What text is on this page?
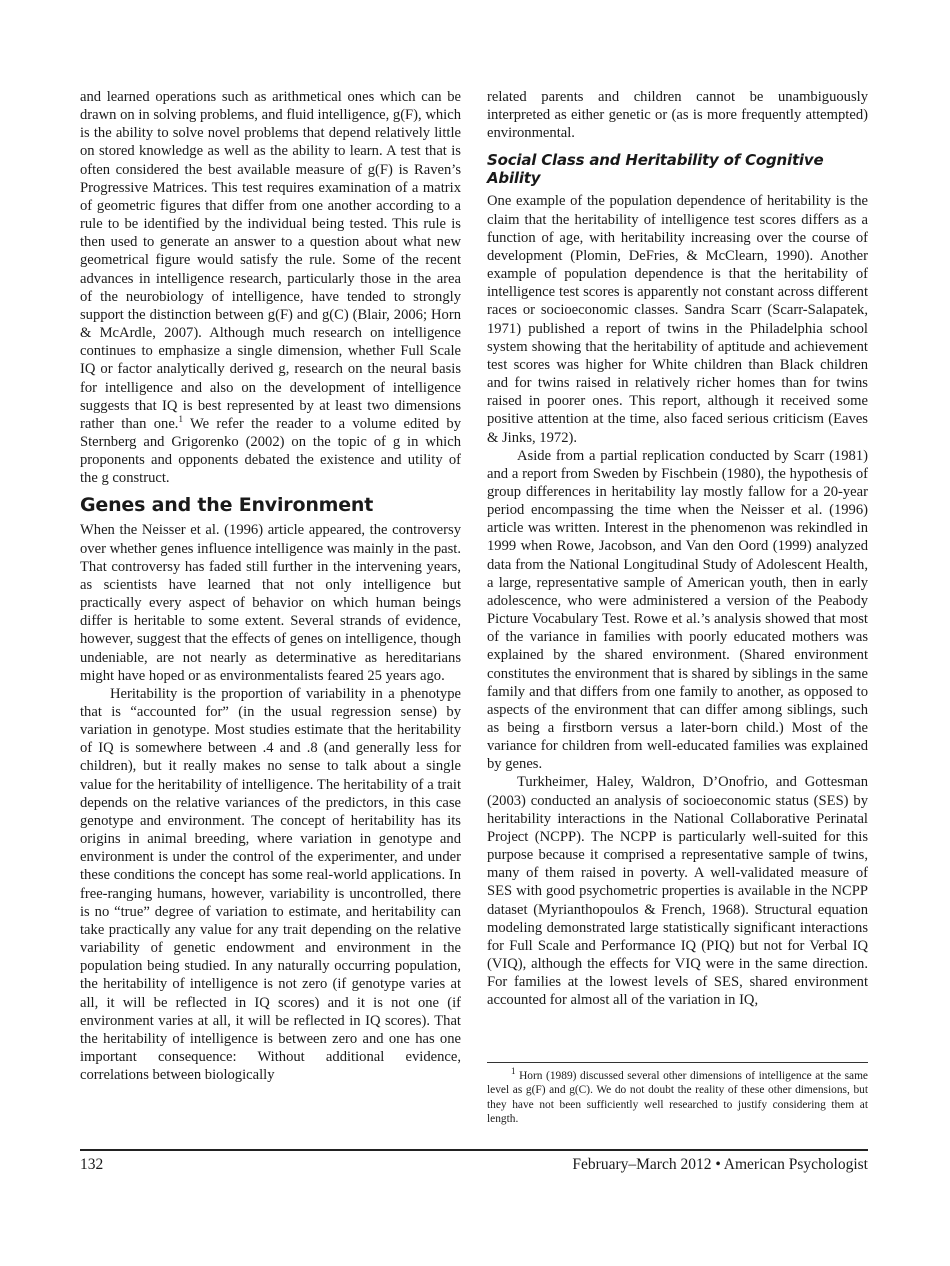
and learned operations such as arithmetical ones which can be drawn on in solving problems, and fluid intelligence, g(F), which is the ability to solve novel problems that depend relatively little on stored knowledge as well as the ability to learn. A test that is often considered the best available measure of g(F) is Raven’s Progressive Matrices. This test requires examination of a matrix of geometric figures that differ from one another according to a rule to be identified by the individual being tested. This rule is then used to generate an answer to a question about what new geometrical figure would satisfy the rule. Some of the recent advances in intelligence research, particularly those in the area of the neurobiology of intelligence, have tended to strongly support the distinction between g(F) and g(C) (Blair, 2006; Horn & McArdle, 2007). Although much research on intelligence continues to emphasize a single dimension, whether Full Scale IQ or factor analytically derived g, research on the neural basis for intelligence and also on the development of intelligence suggests that IQ is best represented by at least two dimensions rather than one.$^1$ We refer the reader to a volume edited by Sternberg and Grigorenko (2002) on the topic of g in which proponents and opponents debated the existence and utility of the g construct.

Genes and the Environment

When the Neisser et al. (1996) article appeared, the controversy over whether genes influence intelligence was mainly in the past. That controversy has faded still further in the intervening years, as scientists have learned that not only intelligence but practically every aspect of behavior on which human beings differ is heritable to some extent. Several strands of evidence, however, suggest that the effects of genes on intelligence, though undeniable, are not nearly as determinative as hereditarians might have hoped or as environmentalists feared 25 years ago.

Heritability is the proportion of variability in a phenotype that is “accounted for” (in the usual regression sense) by variation in genotype. Most studies estimate that the heritability of IQ is somewhere between .4 and .8 (and generally less for children), but it really makes no sense to talk about a single value for the heritability of intelligence. The heritability of a trait depends on the relative variances of the predictors, in this case genotype and environment. The concept of heritability has its origins in animal breeding, where variation in genotype and environment is under the control of the experimenter, and under these conditions the concept has some real-world applications. In free-ranging humans, however, variability is uncontrolled, there is no “true” degree of variation to estimate, and heritability can take practically any value for any trait depending on the relative variability of genetic endowment and environment in the population being studied. In any naturally occurring population, the heritability of intelligence is not zero (if genotype varies at all, it will be reflected in IQ scores) and it is not one (if environment varies at all, it will be reflected in IQ scores). That the heritability of intelligence is between zero and one has one important consequence: Without additional evidence, correlations between biologically

related parents and children cannot be unambiguously interpreted as either genetic or (as is more frequently attempted) environmental.

Social Class and Heritability of Cognitive Ability

One example of the population dependence of heritability is the claim that the heritability of intelligence test scores differs as a function of age, with heritability increasing over the course of development (Plomin, DeFries, & McClearn, 1990). Another example of population dependence is that the heritability of intelligence test scores is apparently not constant across different races or socioeconomic classes. Sandra Scarr (Scarr-Salapatek, 1971) published a report of twins in the Philadelphia school system showing that the heritability of aptitude and achievement test scores was higher for White children than Black children and for twins raised in relatively richer homes than for twins raised in poorer ones. This report, although it received some positive attention at the time, also faced serious criticism (Eaves & Jinks, 1972).

Aside from a partial replication conducted by Scarr (1981) and a report from Sweden by Fischbein (1980), the hypothesis of group differences in heritability lay mostly fallow for a 20-year period encompassing the time when the Neisser et al. (1996) article was written. Interest in the phenomenon was rekindled in 1999 when Rowe, Jacobson, and Van den Oord (1999) analyzed data from the National Longitudinal Study of Adolescent Health, a large, representative sample of American youth, then in early adolescence, who were administered a version of the Peabody Picture Vocabulary Test. Rowe et al.’s analysis showed that most of the variance in families with poorly educated mothers was explained by the shared environment. (Shared environment constitutes the environment that is shared by siblings in the same family and that differs from one family to another, as opposed to aspects of the environment that can differ among siblings, such as being a firstborn versus a later-born child.) Most of the variance for children from well-educated families was explained by genes.

Turkheimer, Haley, Waldron, D’Onofrio, and Gottesman (2003) conducted an analysis of socioeconomic status (SES) by heritability interactions in the National Collaborative Perinatal Project (NCPP). The NCPP is particularly well-suited for this purpose because it comprised a representative sample of twins, many of them raised in poverty. A well-validated measure of SES with good psychometric properties is available in the NCPP dataset (Myrianthopoulos & French, 1968). Structural equation modeling demonstrated large statistically significant interactions for Full Scale and Performance IQ (PIQ) but not for Verbal IQ (VIQ), although the effects for VIQ were in the same direction. For families at the lowest levels of SES, shared environment accounted for almost all of the variation in IQ,

$^1$ Horn (1989) discussed several other dimensions of intelligence at the same level as g(F) and g(C). We do not doubt the reality of these other dimensions, but they have not been sufficiently well researched to justify considering them at length.

132	February–March 2012 • American Psychologist
